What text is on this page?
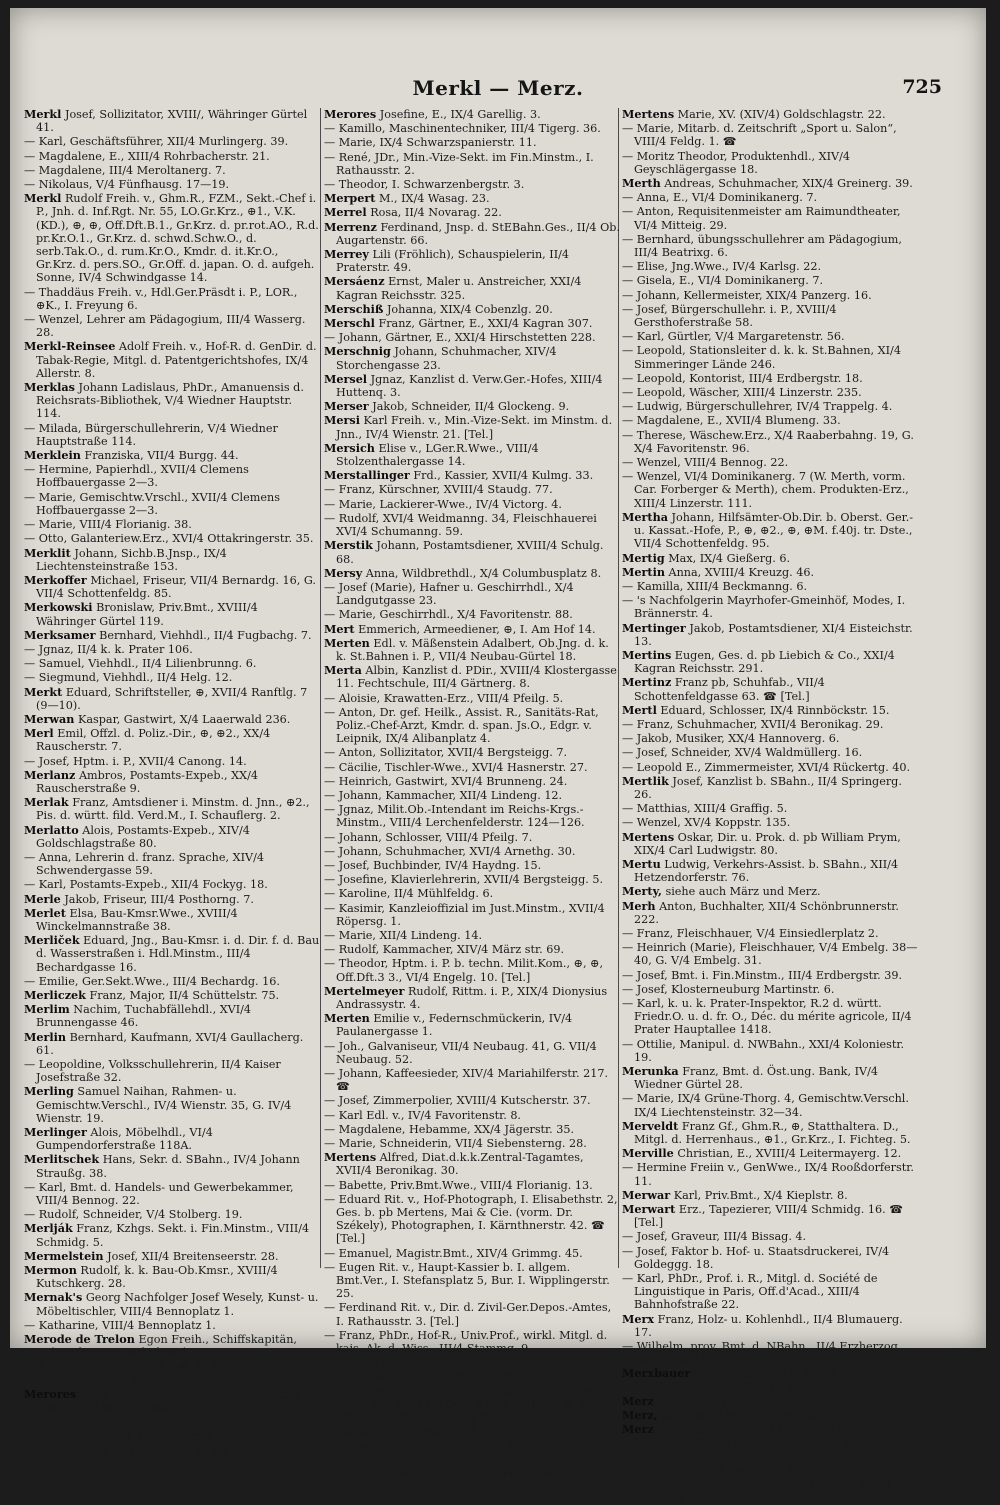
Merkl — Merz.	725

Merkl Josef, Sollizitator, XVIII/, Währinger Gürtel 41.

— Karl, Geschäftsführer, XII/4 Murlingerg. 39.

— Magdalene, E., XIII/4 Rohrbacherstr. 21.

— Magdalene, III/4 Meroltanerg. 7.

— Nikolaus, V/4 Fünfhausg. 17—19.

Merkl Rudolf Freih. v., Ghm.R., FZM., Sekt.-Chef i. P., Jnh. d. Inf.Rgt. Nr. 55, LO.Gr.Krz., ⊕1., V.K. (KD.), ⊕, ⊕, Off.Dft.B.1., Gr.Krz. d. pr.rot.AO., R.d. pr.Kr.O.1., Gr.Krz. d. schwd.Schw.O., d. serb.Tak.O., d. rum.Kr.O., Kmdr. d. it.Kr.O., Gr.Krz. d. pers.SO., Gr.Off. d. japan. O. d. aufgeh. Sonne, IV/4 Schwindgasse 14.

— Thaddäus Freih. v., Hdl.Ger.Präsdt i. P., LOR., ⊕K., I. Freyung 6.

— Wenzel, Lehrer am Pädagogium, III/4 Wasserg. 28.

Merkl-Reinsee Adolf Freih. v., Hof-R. d. GenDir. d. Tabak-Regie, Mitgl. d. Patentgerichtshofes, IX/4 Allerstr. 8.

Merklas Johann Ladislaus, PhDr., Amanuensis d. Reichsrats-Bibliothek, V/4 Wiedner Hauptstr. 114.

— Milada, Bürgerschullehrerin, V/4 Wiedner Hauptstraße 114.

Merklein Franziska, VII/4 Burgg. 44.

— Hermine, Papierhdl., XVII/4 Clemens Hoffbauergasse 2—3.

— Marie, Gemischtw.Vrschl., XVII/4 Clemens Hoffbauergasse 2—3.

— Marie, VIII/4 Florianig. 38.

— Otto, Galanteriew.Erz., XVI/4 Ottakringerstr. 35.

Merklit Johann, Sichb.B.Jnsp., IX/4 Liechtensteinstraße 153.

Merkoffer Michael, Friseur, VII/4 Bernardg. 16, G. VII/4 Schottenfeldg. 85.

Merkowski Bronislaw, Priv.Bmt., XVIII/4 Währinger Gürtel 119.

Merksamer Bernhard, Viehhdl., II/4 Fugbachg. 7.

— Jgnaz, II/4 k. k. Prater 106.

— Samuel, Viehhdl., II/4 Lilienbrunng. 6.

— Siegmund, Viehhdl., II/4 Helg. 12.

Merkt Eduard, Schriftsteller, ⊕, XVII/4 Ranftlg. 7 (9—10).

Merwan Kaspar, Gastwirt, X/4 Laaerwald 236.

Merl Emil, Offzl. d. Poliz.-Dir., ⊕, ⊕2., XX/4 Rauscherstr. 7.

— Josef, Hptm. i. P., XVII/4 Canong. 14.

Merlanz Ambros, Postamts-Expeb., XX/4 Rauscherstraße 9.

Merlak Franz, Amtsdiener i. Minstm. d. Jnn., ⊕2., Pis. d. württ. fild. Verd.M., I. Schauflerg. 2.

Merlatto Alois, Postamts-Expeb., XIV/4 Goldschlagstraße 80.

— Anna, Lehrerin d. franz. Sprache, XIV/4 Schwendergasse 59.

— Karl, Postamts-Expeb., XII/4 Fockyg. 18.

Merle Jakob, Friseur, III/4 Posthorng. 7.

Merlet Elsa, Bau-Kmsr.Wwe., XVIII/4 Winckelmannstraße 38.

Merliček Eduard, Jng., Bau-Kmsr. i. d. Dir. f. d. Bau d. Wasserstraßen i. Hdl.Minstm., III/4 Bechardgasse 16.

— Emilie, Ger.Sekt.Wwe., III/4 Bechardg. 16.

Merliczek Franz, Major, II/4 Schüttelstr. 75.

Merlim Nachim, Tuchabfällehdl., XVI/4 Brunnengasse 46.

Merlin Bernhard, Kaufmann, XVI/4 Gaullacherg. 61.

— Leopoldine, Volksschullehrerin, II/4 Kaiser Josefstraße 32.

Merling Samuel Naihan, Rahmen- u. Gemischtw.Verschl., IV/4 Wienstr. 35, G. IV/4 Wienstr. 19.

Merlinger Alois, Möbelhdl., VI/4 Gumpendorferstraße 118A.

Merlitschek Hans, Sekr. d. SBahn., IV/4 Johann Straußg. 38.

— Karl, Bmt. d. Handels- und Gewerbekammer, VIII/4 Bennog. 22.

— Rudolf, Schneider, V/4 Stolberg. 19.

Merlják Franz, Kzhgs. Sekt. i. Fin.Minstm., VIII/4 Schmidg. 5.

Mermelstein Josef, XII/4 Breitenseerstr. 28.

Mermon Rudolf, k. k. Bau-Ob.Kmsr., XVIII/4 Kutschkerg. 28.

Mernak's Georg Nachfolger Josef Wesely, Kunst- u. Möbeltischler, VIII/4 Bennoplatz 1.

— Katharine, VIII/4 Bennoplatz 1.

Merode de Trelon Egon Freih., Schiffskapitän, II/4 Erzherzog Carl-Platz 1.

— Karl Freih. v., Maler, E., ⊕, R. d. bayr. Mich.O., IV/4 Antonburg. 2.

Merores Felix, Bmt. d. Union-Bank, I. Wallischg. 8.

— Flora, Red.Wwe., I. Wallischg. 8.

— Friedrich, pb (Jnh. Marie Alice Merores), Maschinenfab., I. Rathausstr. 3 [Tel.]

— Gustav, Bmt. d. Kred.Anst., XIII/4 Raschg. 6.

Merores Josefine, E., IX/4 Garellig. 3.

— Kamillo, Maschinentechniker, III/4 Tigerg. 36.

— Marie, IX/4 Schwarzspanierstr. 11.

— René, JDr., Min.-Vize-Sekt. im Fin.Minstm., I. Rathausstr. 2.

— Theodor, I. Schwarzenbergstr. 3.

Merpert M., IX/4 Wasag. 23.

Merrel Rosa, II/4 Novarag. 22.

Merrenz Ferdinand, Jnsp. d. StEBahn.Ges., II/4 Ob. Augartenstr. 66.

Merrey Lili (Fröhlich), Schauspielerin, II/4 Praterstr. 49.

Mersáenz Ernst, Maler u. Anstreicher, XXI/4 Kagran Reichsstr. 325.

Merschiß Johanna, XIX/4 Cobenzlg. 20.

Merschl Franz, Gärtner, E., XXI/4 Kagran 307.

— Johann, Gärtner, E., XXI/4 Hirschstetten 228.

Merschnig Johann, Schuhmacher, XIV/4 Storchengasse 23.

Mersel Jgnaz, Kanzlist d. Verw.Ger.-Hofes, XIII/4 Huttenq. 3.

Merser Jakob, Schneider, II/4 Glockeng. 9.

Mersi Karl Freih. v., Min.-Vize-Sekt. im Minstm. d. Jnn., IV/4 Wienstr. 21. [Tel.]

Mersich Elise v., LGer.R.Wwe., VIII/4 Stolzenthalergasse 14.

Merstallinger Frd., Kassier, XVII/4 Kulmg. 33.

— Franz, Kürschner, XVIII/4 Staudg. 77.

— Marie, Lackierer-Wwe., IV/4 Victorg. 4.

— Rudolf, XVI/4 Weidmanng. 34, Fleischhauerei XVI/4 Schumanng. 59.

Merstik Johann, Postamtsdiener, XVIII/4 Schulg. 68.

Mersy Anna, Wildbrethdl., X/4 Columbusplatz 8.

— Josef (Marie), Hafner u. Geschirrhdl., X/4 Landgutgasse 23.

— Marie, Geschirrhdl., X/4 Favoritenstr. 88.

Mert Emmerich, Armeediener, ⊕, I. Am Hof 14.

Merten Edl. v. Mäßenstein Adalbert, Ob.Jng. d. k. k. St.Bahnen i. P., VII/4 Neubau-Gürtel 18.

Merta Albin, Kanzlist d. PDir., XVIII/4 Klostergasse 11. Fechtschule, III/4 Gärtnerg. 8.

— Aloisie, Krawatten-Erz., VIII/4 Pfeilg. 5.

— Anton, Dr. gef. Heilk., Assist. R., Sanitäts-Rat, Poliz.-Chef-Arzt, Kmdr. d. span. Js.O., Edgr. v. Leipnik, IX/4 Alibanplatz 4.

— Anton, Sollizitator, XVII/4 Bergsteigg. 7.

— Cäcilie, Tischler-Wwe., XVI/4 Hasnerstr. 27.

— Heinrich, Gastwirt, XVI/4 Brunneng. 24.

— Johann, Kammacher, XII/4 Lindeng. 12.

— Jgnaz, Milit.Ob.-Intendant im Reichs-Krgs.-Minstm., VIII/4 Lerchenfelderstr. 124—126.

— Johann, Schlosser, VIII/4 Pfeilg. 7.

— Johann, Schuhmacher, XVI/4 Arnethg. 30.

— Josef, Buchbinder, IV/4 Haydng. 15.

— Josefine, Klavierlehrerin, XVII/4 Bergsteigg. 5.

— Karoline, II/4 Mühlfeldg. 6.

— Kasimir, Kanzleioffizial im Just.Minstm., XVII/4 Röpersg. 1.

— Marie, XII/4 Lindeng. 14.

— Rudolf, Kammacher, XIV/4 März str. 69.

— Theodor, Hptm. i. P. b. techn. Milit.Kom., ⊕, ⊕, Off.Dft.3 3., VI/4 Engelg. 10. [Tel.]

Mertelmeyer Rudolf, Rittm. i. P., XIX/4 Dionysius Andrassystr. 4.

Merten Emilie v., Federnschmückerin, IV/4 Paulanergasse 1.

— Joh., Galvaniseur, VII/4 Neubaug. 41, G. VII/4 Neubaug. 52.

— Johann, Kaffeesieder, XIV/4 Mariahilferstr. 217. ☎

— Josef, Zimmerpolier, XVIII/4 Kutscherstr. 37.

— Karl Edl. v., IV/4 Favoritenstr. 8.

— Magdalene, Hebamme, XX/4 Jägerstr. 35.

— Marie, Schneiderin, VII/4 Siebensterng. 28.

Mertens Alfred, Diat.d.k.k.Zentral-Tagamtes, XVII/4 Beronikag. 30.

— Babette, Priv.Bmt.Wwe., VIII/4 Florianig. 13.

— Eduard Rit. v., Hof-Photograph, I. Elisabethstr. 2, Ges. b. pb Mertens, Mai & Cie. (vorm. Dr. Székely), Photographen, I. Kärnthnerstr. 42. ☎ [Tel.]

— Emanuel, Magistr.Bmt., XIV/4 Grimmg. 45.

— Eugen Rit. v., Haupt-Kassier b. I. allgem. Bmt.Ver., I. Stefansplatz 5, Bur. I. Wipplingerstr. 25.

— Ferdinand Rit. v., Dir. d. Zivil-Ger.Depos.-Amtes, I. Rathausstr. 3. [Tel.]

— Franz, PhDr., Hof-R., Univ.Prof., wirkl. Mitgl. d. kais. Ak. d. Wiss., III/4 Stammg. 9.

— Johann Rit. v., Ob.-Inspekt. VI/4 Eggerthg. 10.

— Johanna v., VI/4 Gumpendorferstr. 91.

— Karl Freih., Ghm.R., Gen. d. Kav. i. P., Oberst-Inh. d. Inf.Rgt. Nr. 64, LOR., ⊕1., V.K. (KD.), ⊕, M. 1864, Off.Dft.B.3.2., IX/4 Koling. 4.

— Ludwig, n. a. Leut. VII/4 Burgg. 74. [Tel.]

— Ludwig Rit. v., Post-Kurator i. R. u. Schriftsteller, III/4 Siegelg. 6.

— Luise v., Volksschullehrerin, VI/4 Windmühlg. 34.

Mertens Marie, XV. (XIV/4) Goldschlagstr. 22.

— Marie, Mitarb. d. Zeitschrift „Sport u. Salon“, VIII/4 Feldg. 1. ☎

— Moritz Theodor, Produktenhdl., XIV/4 Geyschlägergasse 18.

Merth Andreas, Schuhmacher, XIX/4 Greinerg. 39.

— Anna, E., VI/4 Dominikanerg. 7.

— Anton, Requisitenmeister am Raimundtheater, VI/4 Mitteig. 29.

— Bernhard, übungsschullehrer am Pädagogium, III/4 Beatrixg. 6.

— Elise, Jng.Wwe., IV/4 Karlsg. 22.

— Gisela, E., VI/4 Dominikanerg. 7.

— Johann, Kellermeister, XIX/4 Panzerg. 16.

— Josef, Bürgerschullehr. i. P., XVIII/4 Gersthoferstraße 58.

— Karl, Gürtler, V/4 Margaretenstr. 56.

— Leopold, Stationsleiter d. k. k. St.Bahnen, XI/4 Simmeringer Lände 246.

— Leopold, Kontorist, III/4 Erdbergstr. 18.

— Leopold, Wäscher, XIII/4 Linzerstr. 235.

— Ludwig, Bürgerschullehrer, IV/4 Trappelg. 4.

— Magdalene, E., XVII/4 Blumeng. 33.

— Therese, Wäschew.Erz., X/4 Raaberbahng. 19, G. X/4 Favoritenstr. 96.

— Wenzel, VIII/4 Bennog. 22.

— Wenzel, VI/4 Dominikanerg. 7 (W. Merth, vorm. Car. Forberger & Merth), chem. Produkten-Erz., XIII/4 Linzerstr. 111.

Mertha Johann, Hilfsämter-Ob.Dir. b. Oberst. Ger.- u. Kassat.-Hofe, P., ⊕, ⊕2., ⊕, ⊕M. f.40j. tr. Dste., VII/4 Schottenfeldg. 95.

Mertig Max, IX/4 Gießerg. 6.

Mertin Anna, XVIII/4 Kreuzg. 46.

— Kamilla, XIII/4 Beckmanng. 6.

— 's Nachfolgerin Mayrhofer-Gmeinhöf, Modes, I. Brännerstr. 4.

Mertinger Jakob, Postamtsdiener, XI/4 Eisteichstr. 13.

Mertins Eugen, Ges. d. pb Liebich & Co., XXI/4 Kagran Reichsstr. 291.

Mertinz Franz pb, Schuhfab., VII/4 Schottenfeldgasse 63. ☎ [Tel.]

Mertl Eduard, Schlosser, IX/4 Rinnböckstr. 15.

— Franz, Schuhmacher, XVII/4 Beronikag. 29.

— Jakob, Musiker, XX/4 Hannoverg. 6.

— Josef, Schneider, XV/4 Waldmüllerg. 16.

— Leopold E., Zimmermeister, XVI/4 Rückertg. 40.

Mertlik Josef, Kanzlist b. SBahn., II/4 Springerg. 26.

— Matthias, XIII/4 Graffig. 5.

— Wenzel, XV/4 Koppstr. 135.

Mertens Oskar, Dir. u. Prok. d. pb William Prym, XIX/4 Carl Ludwigstr. 80.

Mertu Ludwig, Verkehrs-Assist. b. SBahn., XII/4 Hetzendorferstr. 76.

Merty, siehe auch März und Merz.

Merh Anton, Buchhalter, XII/4 Schönbrunnerstr. 222.

— Franz, Fleischhauer, V/4 Einsiedlerplatz 2.

— Heinrich (Marie), Fleischhauer, V/4 Embelg. 38—40, G. V/4 Embelg. 31.

— Josef, Bmt. i. Fin.Minstm., III/4 Erdbergstr. 39.

— Josef, Klosterneuburg Martinstr. 6.

— Karl, k. u. k. Prater-Inspektor, R.2 d. württ. Friedr.O. u. d. fr. O., Déc. du mérite agricole, II/4 Prater Hauptallee 1418.

— Ottilie, Manipul. d. NWBahn., XXI/4 Koloniestr. 19.

Merunka Franz, Bmt. d. Öst.ung. Bank, IV/4 Wiedner Gürtel 28.

— Marie, IX/4 Grüne-Thorg. 4, Gemischtw.Verschl. IX/4 Liechtensteinstr. 32—34.

Merveldt Franz Gf., Ghm.R., ⊕, Statthaltera. D., Mitgl. d. Herrenhaus., ⊕1., Gr.Krz., I. Fichteg. 5.

Merville Christian, E., XVIII/4 Leitermayerg. 12.

— Hermine Freiin v., GenWwe., IX/4 Rooßdorferstr. 11.

Merwar Karl, Priv.Bmt., X/4 Kieplstr. 8.

Merwart Erz., Tapezierer, VIII/4 Schmidg. 16. ☎ [Tel.]

— Josef, Graveur, III/4 Bissag. 4.

— Josef, Faktor b. Hof- u. Staatsdruckerei, IV/4 Goldeggg. 18.

— Karl, PhDr., Prof. i. R., Mitgl. d. Société de Linguistique in Paris, Off.d'Acad., XIII/4 Bahnhofstraße 22.

Merx Franz, Holz- u. Kohlenhdl., II/4 Blumauerg. 17.

— Wilhelm, prov. Bmt. d. NBahn., II/4 Erzherzog Carl-Platz 18.

Merxbauer Johann, Schneider, VIII/4 Josefstädterstraße 28. [Tel.]

Merz Julius, Direktor, IV/4 Wohllebeng. 3.

Merz, siehe auch März und Merty.

Merz Alexander, Jng., III/4 Ungarg. 27, pb Schächter & Merz, Fabrikslager von techn. Artikeln.

— Alfred, Dr., Hof-Bmt., IX/4 Aichholzg. 15.

— Alois, Schleierdrucker-Bes. u. Tierhdl., XIV/4 Stiegerg. 12.
